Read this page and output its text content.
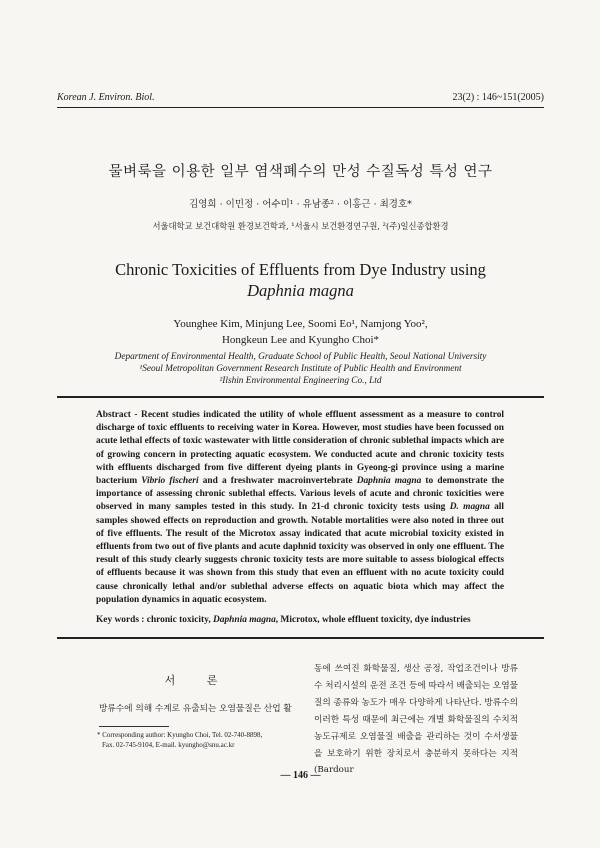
Korean J. Environ. Biol.	23(2) : 146~151(2005)
물벼룩을 이용한 일부 염색폐수의 만성 수질독성 특성 연구
김영희 · 이민정 · 어수미¹ · 유남종² · 이홍근 · 최경호*
서울대학교 보건대학원 환경보건학과, ¹서울시 보건환경연구원, ²(주)일신종합환경
Chronic Toxicities of Effluents from Dye Industry using
Daphnia magna
Younghee Kim, Minjung Lee, Soomi Eo¹, Namjong Yoo²,
Hongkeun Lee and Kyungho Choi*
Department of Environmental Health, Graduate School of Public Health, Seoul National University
¹Seoul Metropolitan Government Research Institute of Public Health and Environment
²Ilshin Environmental Engineering Co., Ltd
Abstract - Recent studies indicated the utility of whole effluent assessment as a measure to control discharge of toxic effluents to receiving water in Korea. However, most studies have been focussed on acute lethal effects of toxic wastewater with little consideration of chronic sublethal impacts which are of growing concern in protecting aquatic ecosystem. We conducted acute and chronic toxicity tests with effluents discharged from five different dyeing plants in Gyeong-gi province using a marine bacterium Vibrio fischeri and a freshwater macroinvertebrate Daphnia magna to demonstrate the importance of assessing chronic sublethal effects. Various levels of acute and chronic toxicities were observed in many samples tested in this study. In 21-d chronic toxicity tests using D. magna all samples showed effects on reproduction and growth. Notable mortalities were also noted in three out of five effluents. The result of the Microtox assay indicated that acute microbial toxicity existed in effluents from two out of five plants and acute daphnid toxicity was observed in only one effluent. The result of this study clearly suggests chronic toxicity tests are more suitable to assess biological effects of effluents because it was shown from this study that even an effluent with no acute toxicity could cause chronically lethal and/or sublethal adverse effects on aquatic biota which may affect the population dynamics in aquatic ecosystem.
Key words : chronic toxicity, Daphnia magna, Microtox, whole effluent toxicity, dye industries
서 론
방류수에 의해 수계로 유출되는 오염물질은 산업 활
* Corresponding author: Kyungho Choi, Tel. 02-740-8898,
Fax. 02-745-9104, E-mail. kyungho@snu.ac.kr
동에 쓰여진 화학물질, 생산 공정, 작업조건이나 방류수 처리시설의 운전 조건 등에 따라서 배출되는 오염물질의 종류와 농도가 매우 다양하게 나타난다. 방류수의 이러한 특성 때문에 최근에는 개별 화학물질의 수치적 농도규제로 오염물질 배출을 관리하는 것이 수서생물을 보호하기 위한 장치로서 충분하지 못하다는 지적(Bardour
— 146 —
